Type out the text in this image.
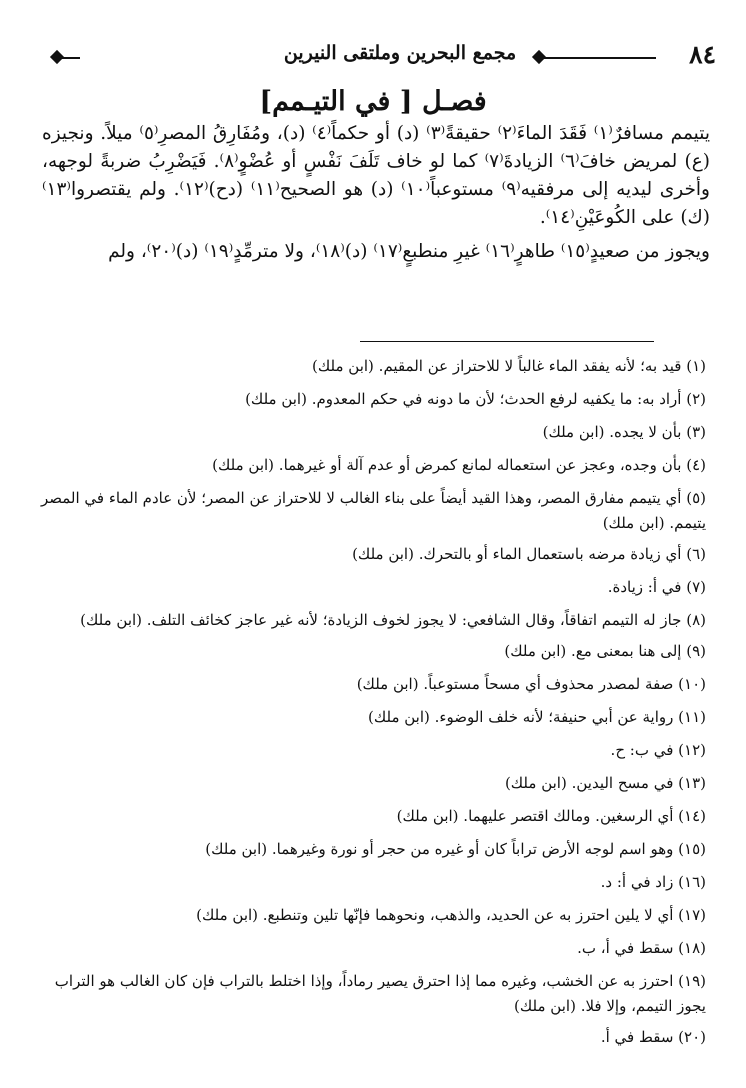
٨٤
مجمع البحرين وملتقى النيرين
فصـل [ في التيـمم]

يتيمم مسافرٌ⁽١⁾ فَقَدَ الماءَ⁽٢⁾ حقيقةً⁽٣⁾ (د) أو حكماً⁽٤⁾ (د)، ومُفَارِقُ المصرِ⁽٥⁾ ميلاً. ونجيزه (ع) لمريض خافَ⁽٦⁾ الزيادةَ⁽٧⁾ كما لو خاف تَلَفَ نَفْسٍ أو عُضْوٍ⁽٨⁾. فَيَضْرِبُ ضربةً لوجهه، وأخرى ليديه إلى مرفقيه⁽٩⁾ مستوعباً⁽١٠⁾ (د) هو الصحيح⁽١١⁾ (دح)⁽١٢⁾. ولم يقتصروا⁽١٣⁾ (ك) على الكُوعَيْنِ⁽١٤⁾.

ويجوز من صعيدٍ⁽١٥⁾ طاهرٍ⁽١٦⁾ غيرِ منطبعٍ⁽١٧⁾ (د)⁽١٨⁾، ولا مترمِّدٍ⁽١٩⁾ (د)⁽٢٠⁾، ولم

(١) قيد به؛ لأنه يفقد الماء غالباً لا للاحتراز عن المقيم. (ابن ملك)

(٢) أراد به: ما يكفيه لرفع الحدث؛ لأن ما دونه في حكم المعدوم. (ابن ملك)

(٣) بأن لا يجده. (ابن ملك)

(٤) بأن وجده، وعجز عن استعماله لمانع كمرض أو عدم آلة أو غيرهما. (ابن ملك)

(٥) أي يتيمم مفارق المصر، وهذا القيد أيضاً على بناء الغالب لا للاحتراز عن المصر؛ لأن عادم الماء في المصر يتيمم. (ابن ملك)

(٦) أي زيادة مرضه باستعمال الماء أو بالتحرك. (ابن ملك)

(٧) في أ: زيادة.

(٨) جاز له التيمم اتفاقاً، وقال الشافعي: لا يجوز لخوف الزيادة؛ لأنه غير عاجز كخائف التلف. (ابن ملك)

(٩) إلى هنا بمعنى مع. (ابن ملك)

(١٠) صفة لمصدر محذوف أي مسحاً مستوعباً. (ابن ملك)

(١١) رواية عن أبي حنيفة؛ لأنه خلف الوضوء. (ابن ملك)

(١٢) في ب: ح.

(١٣) في مسح اليدين. (ابن ملك)

(١٤) أي الرسغين. ومالك اقتصر عليهما. (ابن ملك)

(١٥) وهو اسم لوجه الأرض تراباً كان أو غيره من حجر أو نورة وغيرهما. (ابن ملك)

(١٦) زاد في أ: د.

(١٧) أي لا يلين احترز به عن الحديد، والذهب، ونحوهما فإنّها تلين وتنطبع. (ابن ملك)

(١٨) سقط في أ، ب.

(١٩) احترز به عن الخشب، وغيره مما إذا احترق يصير رماداً، وإذا اختلط بالتراب فإن كان الغالب هو التراب يجوز التيمم، وإلا فلا. (ابن ملك)

(٢٠) سقط في أ.
